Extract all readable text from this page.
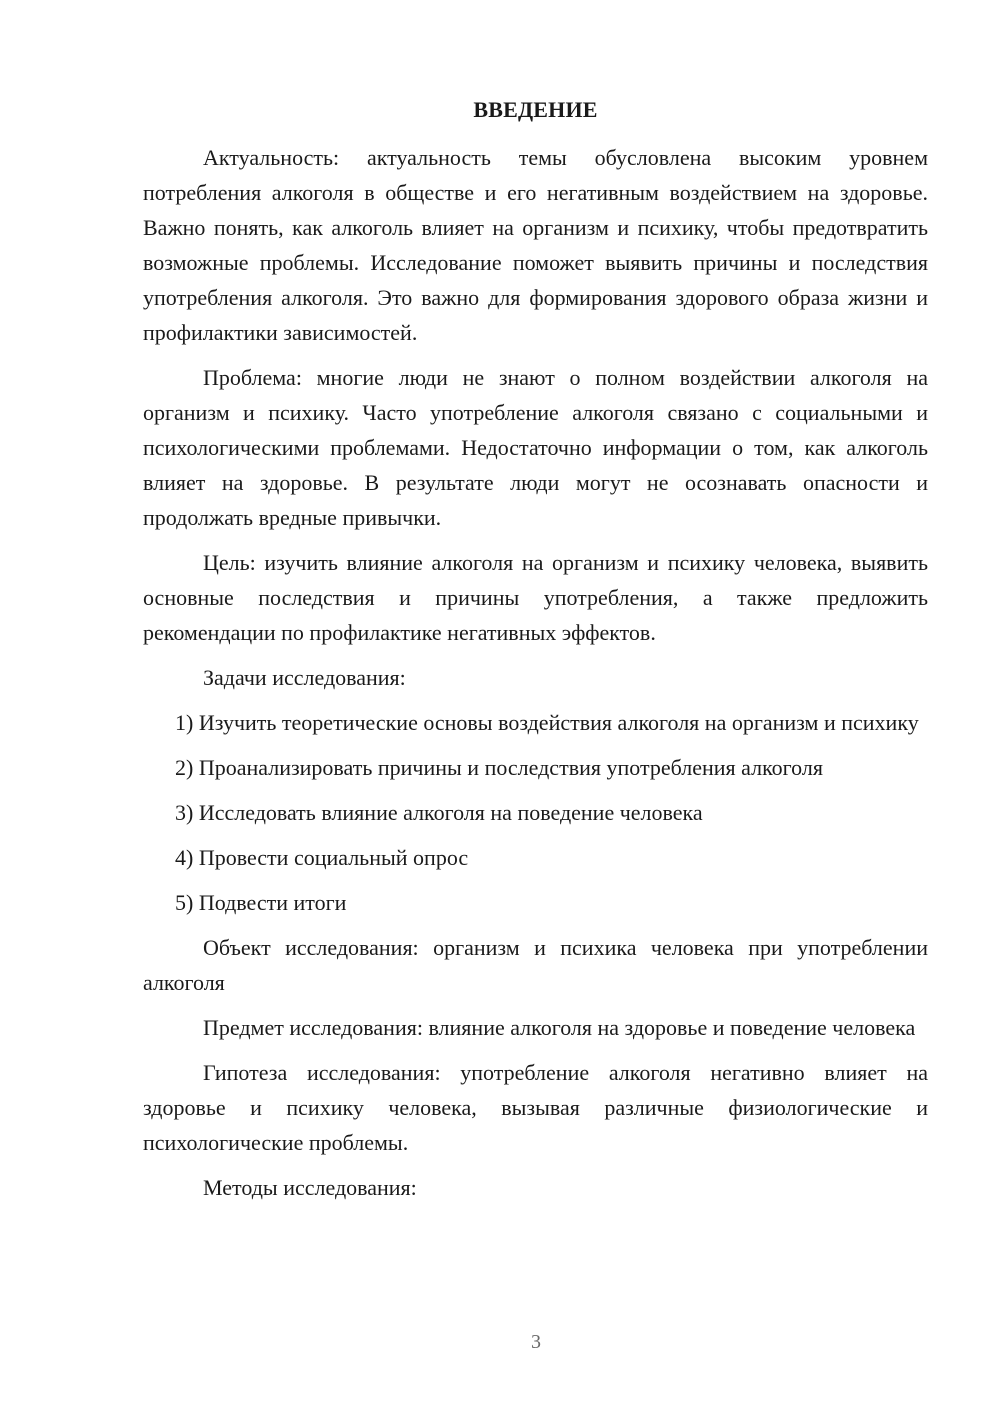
ВВЕДЕНИЕ

Актуальность: актуальность темы обусловлена высоким уровнем потребления алкоголя в обществе и его негативным воздействием на здоровье. Важно понять, как алкоголь влияет на организм и психику, чтобы предотвратить возможные проблемы. Исследование поможет выявить причины и последствия употребления алкоголя. Это важно для формирования здорового образа жизни и профилактики зависимостей.

Проблема: многие люди не знают о полном воздействии алкоголя на организм и психику. Часто употребление алкоголя связано с социальными и психологическими проблемами. Недостаточно информации о том, как алкоголь влияет на здоровье. В результате люди могут не осознавать опасности и продолжать вредные привычки.

Цель: изучить влияние алкоголя на организм и психику человека, выявить основные последствия и причины употребления, а также предложить рекомендации по профилактике негативных эффектов.

Задачи исследования:

1) Изучить теоретические основы воздействия алкоголя на организм и психику

2) Проанализировать причины и последствия употребления алкоголя

3) Исследовать влияние алкоголя на поведение человека

4) Провести социальный опрос

5) Подвести итоги

Объект исследования: организм и психика человека при употреблении алкоголя

Предмет исследования: влияние алкоголя на здоровье и поведение человека

Гипотеза исследования: употребление алкоголя негативно влияет на здоровье и психику человека, вызывая различные физиологические и психологические проблемы.

Методы исследования:

3
